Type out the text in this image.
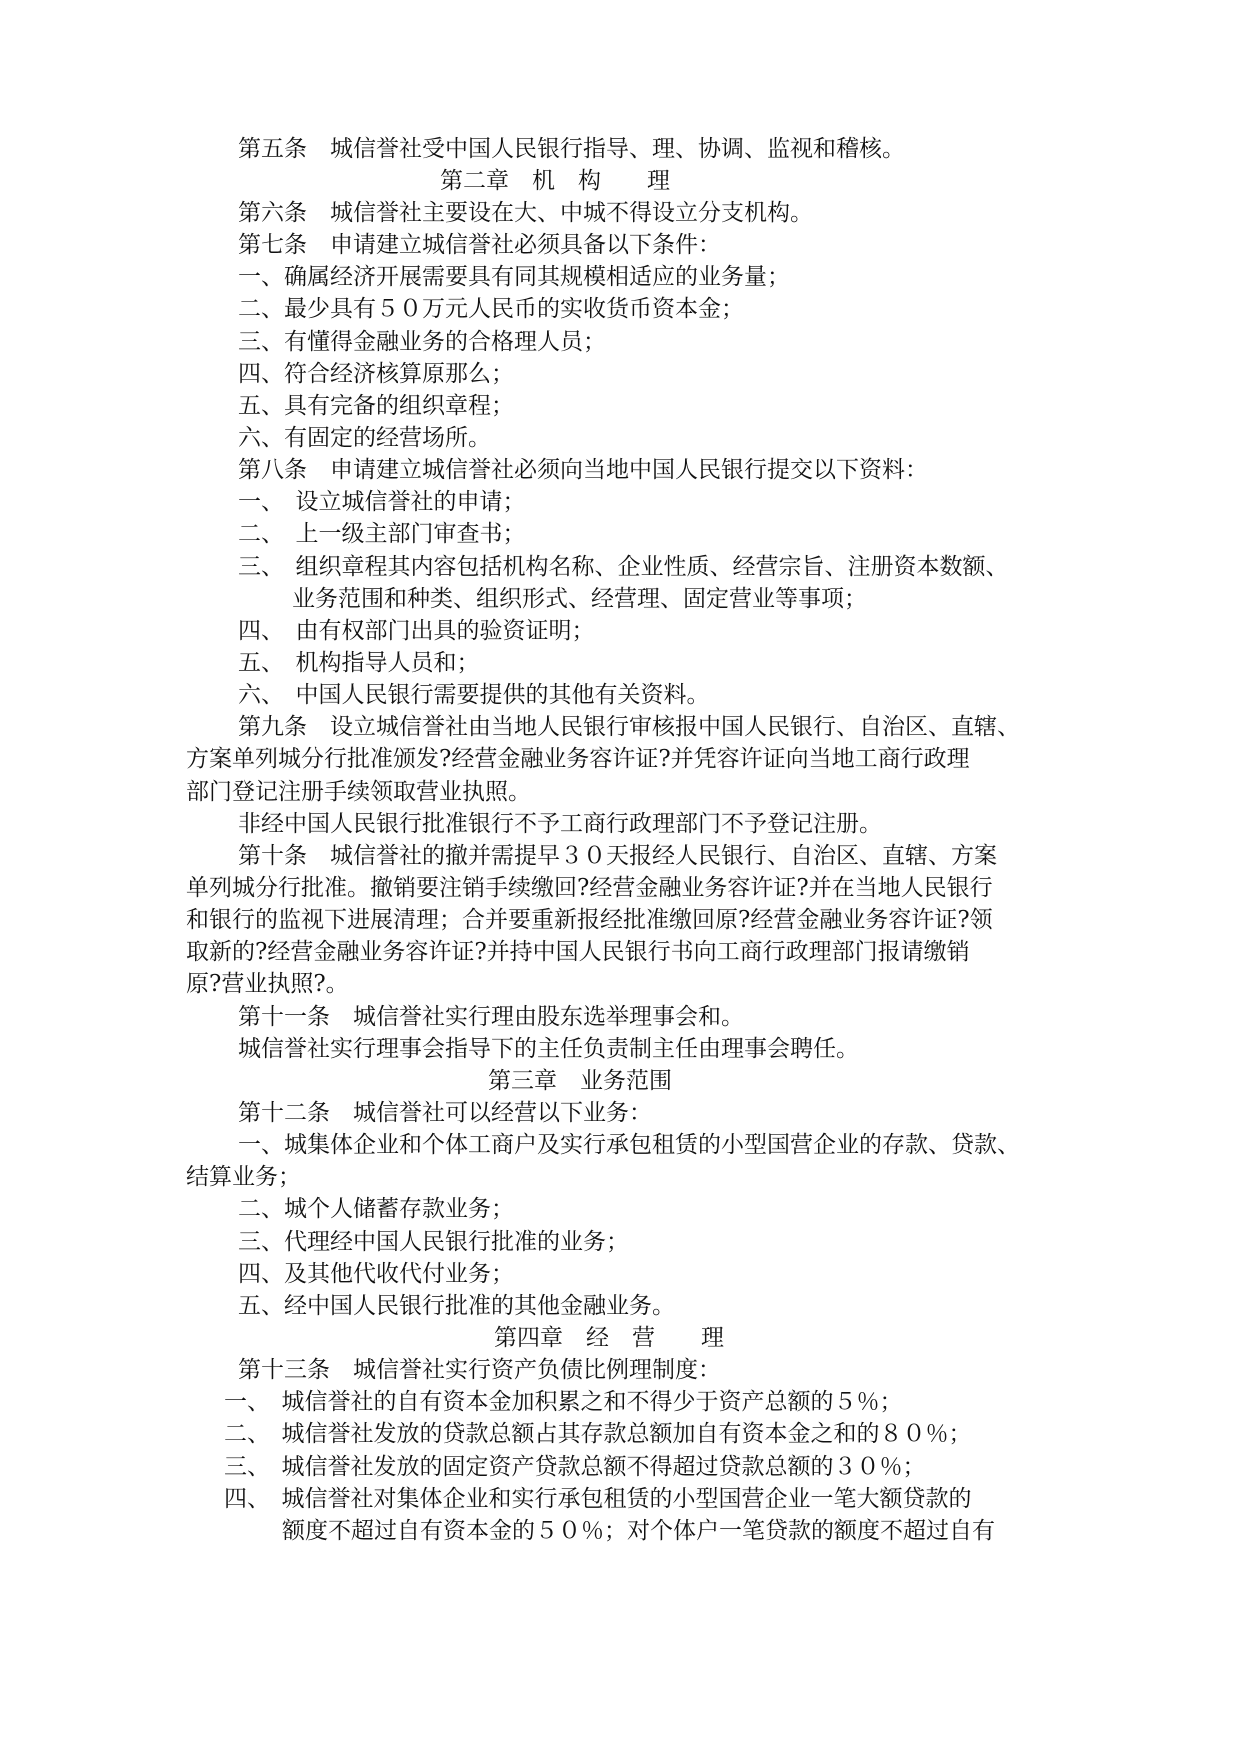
第五条　城信誉社受中国人民银行指导、理、协调、监视和稽核。

第二章　机　构　　理

第六条　城信誉社主要设在大、中城不得设立分支机构。

第七条　申请建立城信誉社必须具备以下条件：

一、确属经济开展需要具有同其规模相适应的业务量；

二、最少具有５０万元人民币的实收货币资本金；

三、有懂得金融业务的合格理人员；

四、符合经济核算原那么；

五、具有完备的组织章程；

六、有固定的经营场所。

第八条　申请建立城信誉社必须向当地中国人民银行提交以下资料：

一、　设立城信誉社的申请；

二、　上一级主部门审查书；

三、　组织章程其内容包括机构名称、企业性质、经营宗旨、注册资本数额、

业务范围和种类、组织形式、经营理、固定营业等事项；

四、　由有权部门出具的验资证明；

五、　机构指导人员和；

六、　中国人民银行需要提供的其他有关资料。

第九条　设立城信誉社由当地人民银行审核报中国人民银行、自治区、直辖、

方案单列城分行批准颁发?经营金融业务容许证?并凭容许证向当地工商行政理

部门登记注册手续领取营业执照。

非经中国人民银行批准银行不予工商行政理部门不予登记注册。

第十条　城信誉社的撤并需提早３０天报经人民银行、自治区、直辖、方案

单列城分行批准。撤销要注销手续缴回?经营金融业务容许证?并在当地人民银行

和银行的监视下进展清理；合并要重新报经批准缴回原?经营金融业务容许证?领

取新的?经营金融业务容许证?并持中国人民银行书向工商行政理部门报请缴销

原?营业执照?。

第十一条　城信誉社实行理由股东选举理事会和。

城信誉社实行理事会指导下的主任负责制主任由理事会聘任。

第三章　业务范围

第十二条　城信誉社可以经营以下业务：

一、城集体企业和个体工商户及实行承包租赁的小型国营企业的存款、贷款、

结算业务；

二、城个人储蓄存款业务；

三、代理经中国人民银行批准的业务；

四、及其他代收代付业务；

五、经中国人民银行批准的其他金融业务。

第四章　经　营　　理

第十三条　城信誉社实行资产负债比例理制度：

一、　城信誉社的自有资本金加积累之和不得少于资产总额的５％；

二、　城信誉社发放的贷款总额占其存款总额加自有资本金之和的８０％；

三、　城信誉社发放的固定资产贷款总额不得超过贷款总额的３０％；

四、　城信誉社对集体企业和实行承包租赁的小型国营企业一笔大额贷款的

额度不超过自有资本金的５０％；对个体户一笔贷款的额度不超过自有
